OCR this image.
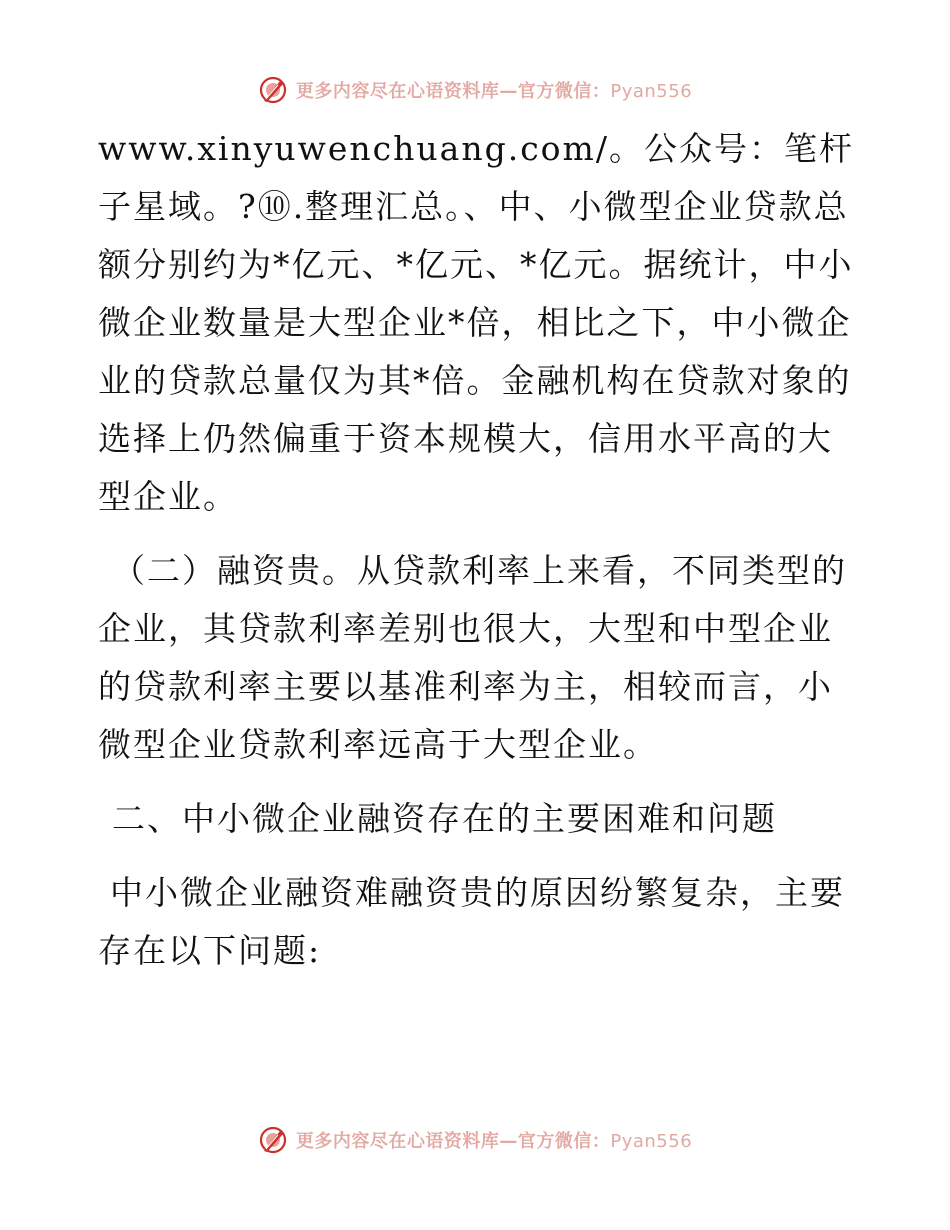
更多内容尽在心语资料库—官方微信：Pyan556

www.xinyuwenchuang.com/。公众号：笔杆子星域。?⑩.整理汇总。、中、小微型企业贷款总额分别约为*亿元、*亿元、*亿元。据统计，中小微企业数量是大型企业*倍，相比之下，中小微企业的贷款总量仅为其*倍。金融机构在贷款对象的选择上仍然偏重于资本规模大，信用水平高的大型企业。

（二）融资贵。从贷款利率上来看，不同类型的企业，其贷款利率差别也很大，大型和中型企业的贷款利率主要以基准利率为主，相较而言，小微型企业贷款利率远高于大型企业。

二、中小微企业融资存在的主要困难和问题

中小微企业融资难融资贵的原因纷繁复杂，主要存在以下问题:

更多内容尽在心语资料库—官方微信：Pyan556
